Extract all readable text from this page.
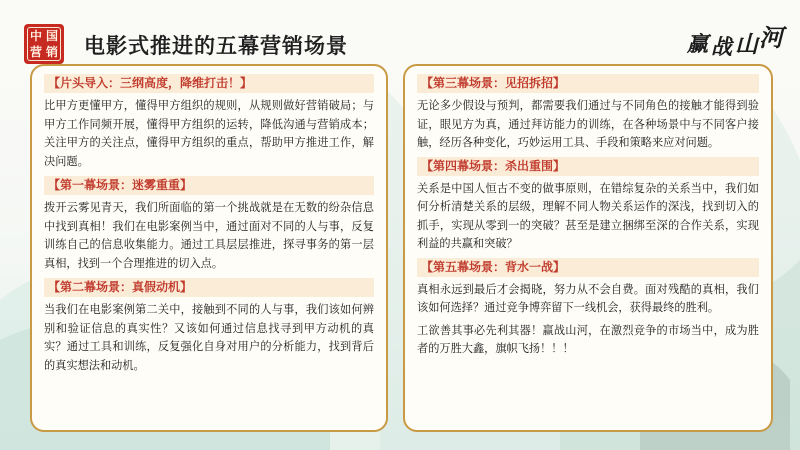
中 国
营 销 电影式推进的五幕营销场景	赢 战 山 河
【片头导入：三纲高度，降维打击！】

比甲方更懂甲方，懂得甲方组织的规则，从规则做好营销破局；与甲方工作同频开展，懂得甲方组织的运转，降低沟通与营销成本；关注甲方的关注点，懂得甲方组织的重点，帮助甲方推进工作，解决问题。

【第一幕场景：迷雾重重】

拨开云雾见青天，我们所面临的第一个挑战就是在无数的纷杂信息中找到真相！我们在电影案例当中，通过面对不同的人与事，反复训练自己的信息收集能力。通过工具层层推进，探寻事务的第一层真相，找到一个合理推进的切入点。

【第二幕场景：真假动机】

当我们在电影案例第二关中，接触到不同的人与事，我们该如何辨别和验证信息的真实性？又该如何通过信息找寻到甲方动机的真实？通过工具和训练，反复强化自身对用户的分析能力，找到背后的真实想法和动机。

【第三幕场景：见招拆招】

无论多少假设与预判，都需要我们通过与不同角色的接触才能得到验证，眼见方为真，通过拜访能力的训练，在各种场景中与不同客户接触，经历各种变化，巧妙运用工具、手段和策略来应对问题。

【第四幕场景：杀出重围】

关系是中国人恒古不变的做事原则，在错综复杂的关系当中，我们如何分析清楚关系的层级，理解不同人物关系运作的深浅，找到切入的抓手，实现从零到一的突破？甚至是建立捆绑至深的合作关系，实现利益的共赢和突破？

【第五幕场景：背水一战】

真相永远到最后才会揭晓，努力从不会自费。面对残酷的真相，我们该如何选择？通过竞争博弈留下一线机会，获得最终的胜利。

工欲善其事必先利其器！赢战山河，在激烈竞争的市场当中，成为胜者的万胜大鑫，旗帜飞扬！！！
